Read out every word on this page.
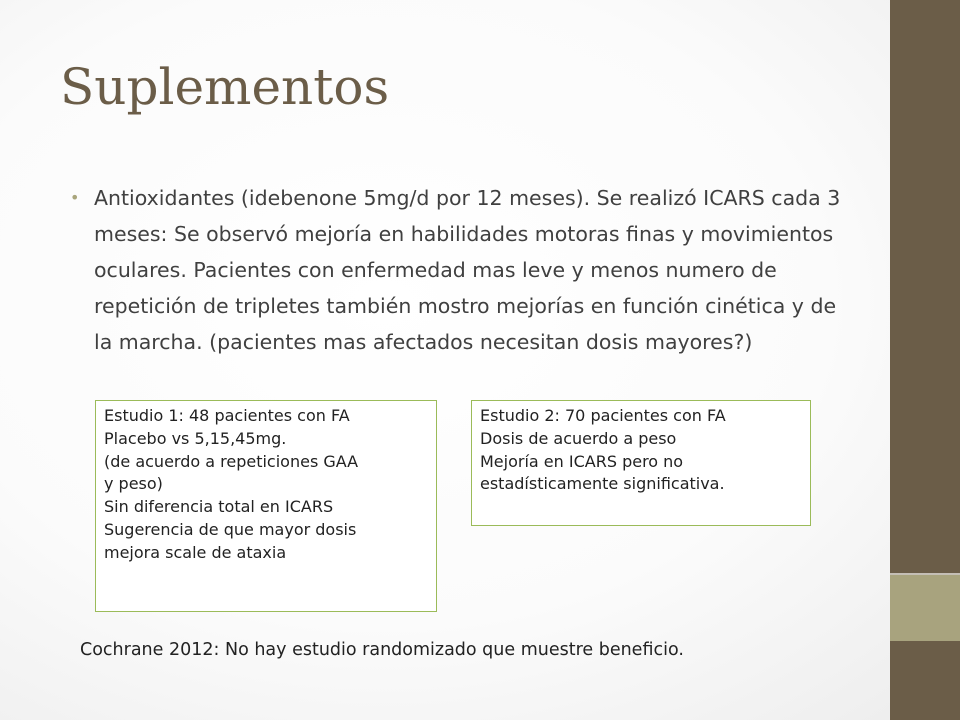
Suplementos
• Antioxidantes (idebenone 5mg/d por 12 meses). Se realizó ICARS cada 3 meses: Se observó mejoría en habilidades motoras finas y movimientos oculares. Pacientes con enfermedad mas leve y menos numero de repetición de tripletes también mostro mejorías en función cinética y de la marcha. (pacientes mas afectados necesitan dosis mayores?)
Estudio 1: 48 pacientes con FA
Placebo vs 5,15,45mg.
(de acuerdo a repeticiones GAA
y peso)
Sin diferencia total en ICARS
Sugerencia de que mayor dosis
mejora scale de ataxia
Estudio 2: 70 pacientes con FA
Dosis de acuerdo a peso
Mejoría en ICARS pero no
estadísticamente significativa.
Cochrane 2012: No hay estudio randomizado que muestre beneficio.
